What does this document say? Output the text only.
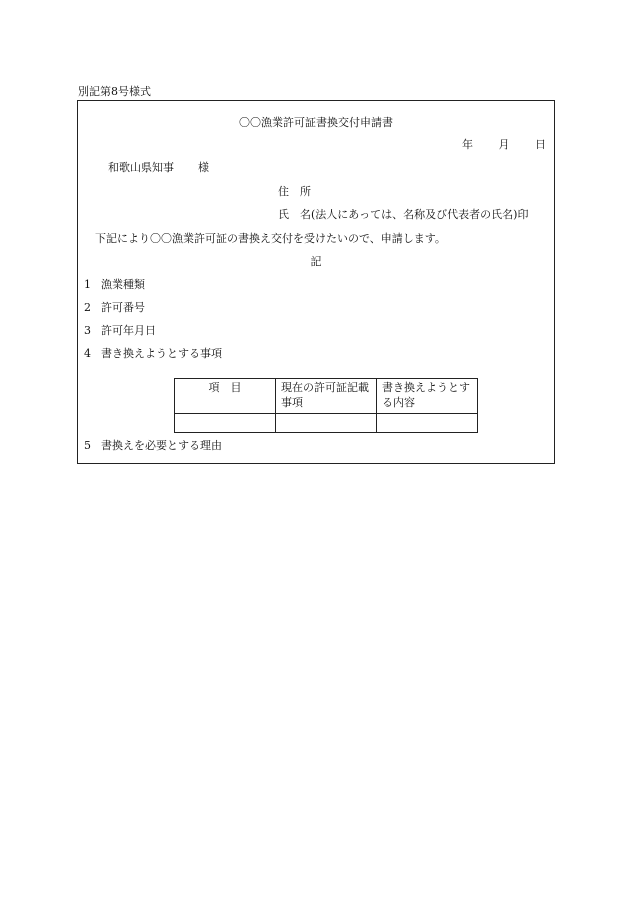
別記第8号様式
〇〇漁業許可証書換交付申請書
年 月 日
和歌山県知事 様
住　所
氏　名(法人にあっては、名称及び代表者の氏名)印
下記により〇〇漁業許可証の書換え交付を受けたいので、申請します。
記
1 漁業種類
2 許可番号
3 許可年月日
4 書き換えようとする事項
項　目	現在の許可証記載事項	書き換えようとする内容

5 書換えを必要とする理由
